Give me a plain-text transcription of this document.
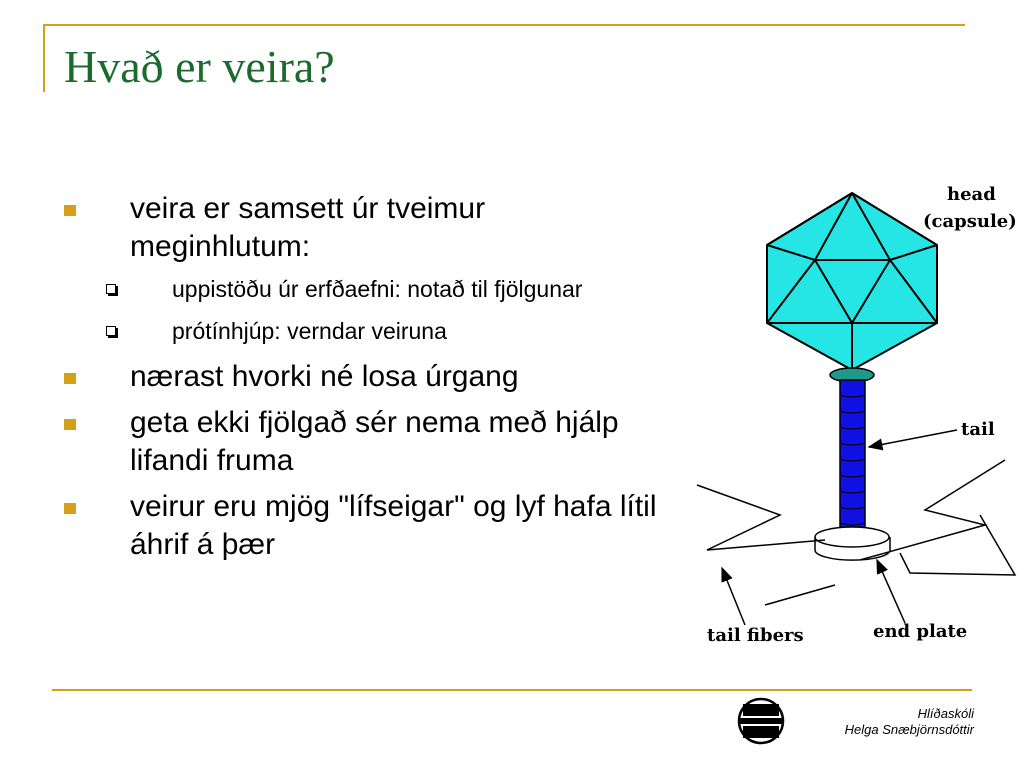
Hvað er veira?
veira er samsett úr tveimur meginhlutum:
uppistöðu úr erfðaefni: notað til fjölgunar
prótínhjúp: verndar veiruna
nærast hvorki né losa úrgang
geta ekki fjölgað sér nema með hjálp lifandi fruma
veirur eru mjög "lífseigar" og lyf hafa lítil áhrif á þær
head
(capsule)
tail
tail fibers	end plate
Hlíðaskóli
Helga Snæbjörnsdóttir
